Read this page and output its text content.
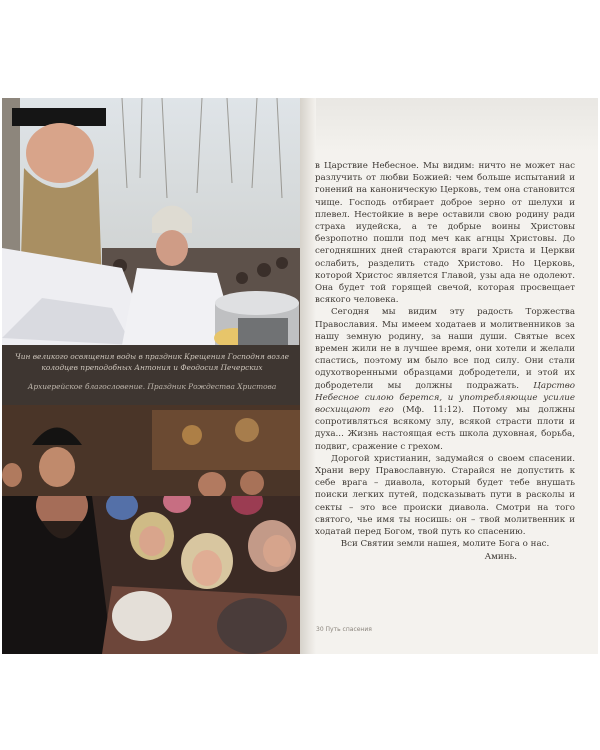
Чин великого освящения воды в праздник Крещения Господня возле колодцев преподобных Антония и Феодосия Печерских
Архиерейское благословение. Праздник Рождества Христова

в Царствие Небесное. Мы видим: ничто не может нас разлучить от любви Божией: чем больше испытаний и гонений на каноническую Церковь, тем она становится чище. Господь отбирает доброе зерно от шелухи и плевел. Нестойкие в вере оставили свою родину ради страха иудейска, а те добрые воины Христовы безропотно пошли под меч как агнцы Христовы. До сегодняшних дней стараются враги Христа и Церкви ослабить, разделить стадо Христово. Но Церковь, которой Христос является Главой, узы ада не одолеют. Она будет той горящей свечой, которая просвещает всякого человека.

Сегодня мы видим эту радость Торжества Православия. Мы имеем ходатаев и молитвенников за нашу земную родину, за наши души. Святые всех времен жили не в лучшее время, они хотели и желали спастись, поэтому им было все под силу. Они стали одухотворенными образцами добродетели, и этой их добродетели мы должны подражать. Царство Небесное силою берется, и употребляющие усилие восхищают его (Мф. 11:12). Потому мы должны сопротивляться всякому злу, всякой страсти плоти и духа... Жизнь настоящая есть школа духовная, борьба, подвиг, сражение с грехом.

Дорогой христианин, задумайся о своем спасении. Храни веру Православную. Старайся не допустить к себе врага – диавола, который будет тебе внушать поиски легких путей, подсказывать пути в расколы и секты – это все происки диавола. Смотри на того святого, чье имя ты носишь: он – твой молитвенник и ходатай перед Богом, твой путь ко спасению.

Вси Святии земли нашея, молите Бога о нас.

Аминь.

30 Путь спасения
